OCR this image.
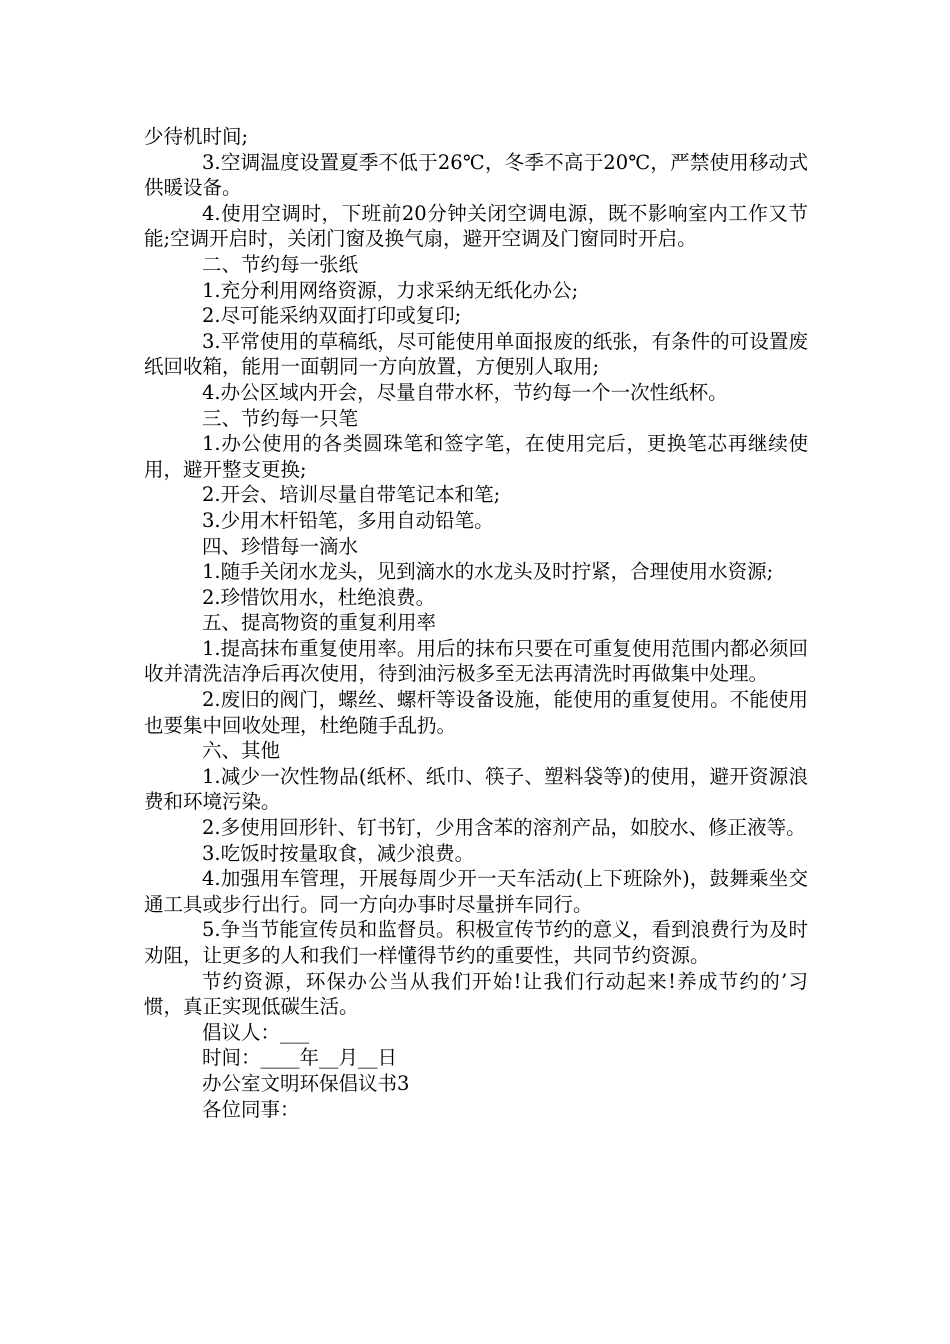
少待机时间;

3.空调温度设置夏季不低于26℃，冬季不高于20℃，严禁使用移动式供暖设备。

4.使用空调时，下班前20分钟关闭空调电源，既不影响室内工作又节能;空调开启时，关闭门窗及换气扇，避开空调及门窗同时开启。

二、节约每一张纸

1.充分利用网络资源，力求采纳无纸化办公;

2.尽可能采纳双面打印或复印;

3.平常使用的草稿纸，尽可能使用单面报废的纸张，有条件的可设置废纸回收箱，能用一面朝同一方向放置，方便别人取用;

4.办公区域内开会，尽量自带水杯，节约每一个一次性纸杯。

三、节约每一只笔

1.办公使用的各类圆珠笔和签字笔，在使用完后，更换笔芯再继续使用，避开整支更换;

2.开会、培训尽量自带笔记本和笔;

3.少用木杆铅笔，多用自动铅笔。

四、珍惜每一滴水

1.随手关闭水龙头，见到滴水的水龙头及时拧紧，合理使用水资源;

2.珍惜饮用水，杜绝浪费。

五、提高物资的重复利用率

1.提高抹布重复使用率。用后的抹布只要在可重复使用范围内都必须回收并清洗洁净后再次使用，待到油污极多至无法再清洗时再做集中处理。

2.废旧的阀门，螺丝、螺杆等设备设施，能使用的重复使用。不能使用也要集中回收处理，杜绝随手乱扔。

六、其他

1.减少一次性物品(纸杯、纸巾、筷子、塑料袋等)的使用，避开资源浪费和环境污染。

2.多使用回形针、钉书钉，少用含苯的溶剂产品，如胶水、修正液等。

3.吃饭时按量取食，减少浪费。

4.加强用车管理，开展每周少开一天车活动(上下班除外)，鼓舞乘坐交通工具或步行出行。同一方向办事时尽量拼车同行。

5.争当节能宣传员和监督员。积极宣传节约的意义，看到浪费行为及时劝阻，让更多的人和我们一样懂得节约的重要性，共同节约资源。

节约资源，环保办公当从我们开始!让我们行动起来!养成节约的’习惯，真正实现低碳生活。

倡议人：___

时间：____年__月__日

办公室文明环保倡议书3

各位同事：
